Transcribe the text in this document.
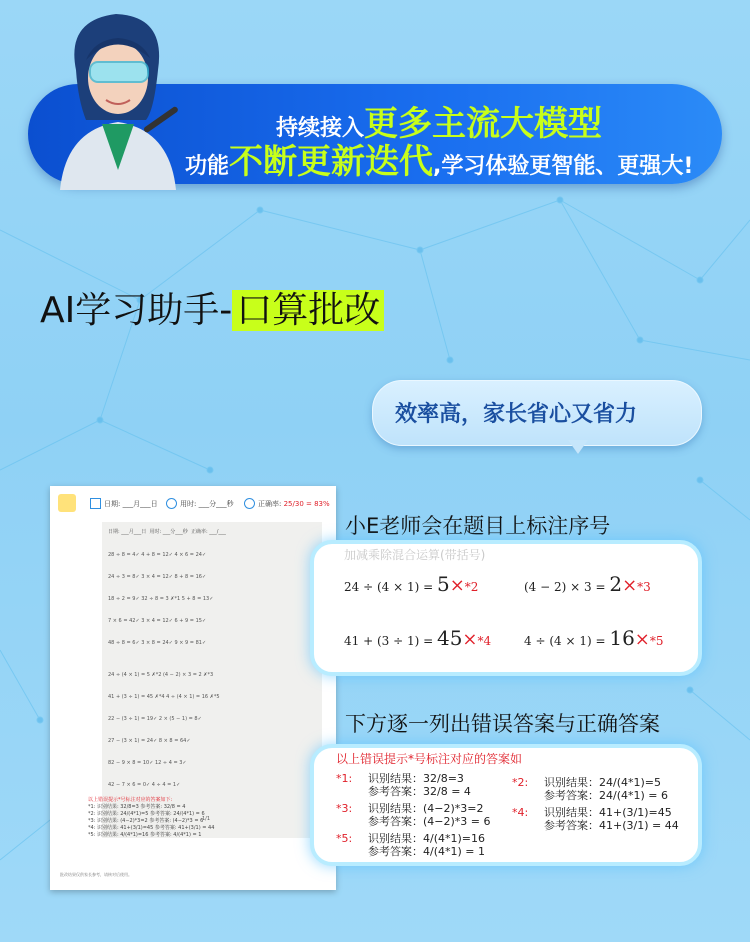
持续接入更多主流大模型
功能不断更新迭代,学习体验更智能、更强大!
AI学习助手- 口算批改
效率高，家长省心又省力
日期: ___月___日	用时: ___分___秒	正确率: 25/30 = 83%
日期: ___月___日 用时: ___分___秒 正确率: ___/___
28 ÷ 8 = 4✓ 4 + 8 = 12✓ 4 × 6 = 24✓
24 ÷ 3 = 8✓ 3 × 4 = 12✓ 8 + 8 = 16✓
18 ÷ 2 = 9✓ 32 ÷ 8 = 3 ✗*1 5 + 8 = 13✓
7 × 6 = 42✓ 3 × 4 = 12✓ 6 + 9 = 15✓
48 ÷ 8 = 6✓ 3 × 8 = 24✓ 9 × 9 = 81✓
24 ÷ (4 × 1) = 5 ✗*2 (4 − 2) × 3 = 2 ✗*3
41 + (3 ÷ 1) = 45 ✗*4 4 ÷ (4 × 1) = 16 ✗*5
22 − (3 ÷ 1) = 19✓ 2 × (5 − 1) = 8✓
27 − (3 × 1) = 24✓ 8 × 8 = 64✓
82 − 9 × 8 = 10✓ 12 ÷ 4 = 3✓
42 − 7 × 6 = 0✓ 4 ÷ 4 = 1✓
1/1
以上错误提示*号标注对应的答案如下:
*1: 识别结果: 32/8=3 参考答案: 32/8 = 4
*2: 识别结果: 24/(4*1)=5 参考答案: 24/(4*1) = 6
*3: 识别结果: (4−2)*3=2 参考答案: (4−2)*3 = 6
*4: 识别结果: 41+(3/1)=45 参考答案: 41+(3/1) = 44
*5: 识别结果: 4/(4*1)=16 参考答案: 4/(4*1) = 1
批改结果仅供家长参考，请核对后使用。
小E老师会在题目上标注序号
加减乘除混合运算(带括号)
24 ÷ (4 × 1) = 5×*2	(4 − 2) × 3 = 2×*3
41 + (3 ÷ 1) = 45×*4	4 ÷ (4 × 1) = 16×*5
下方逐一列出错误答案与正确答案
以上错误提示*号标注对应的答案如
*1: 识别结果：32/8=3
参考答案：32/8 = 4
*2: 识别结果：24/(4*1)=5
参考答案：24/(4*1) = 6
*3: 识别结果：(4−2)*3=2
参考答案：(4−2)*3 = 6
*4: 识别结果：41+(3/1)=45
参考答案：41+(3/1) = 44
*5: 识别结果：4/(4*1)=16
参考答案：4/(4*1) = 1
